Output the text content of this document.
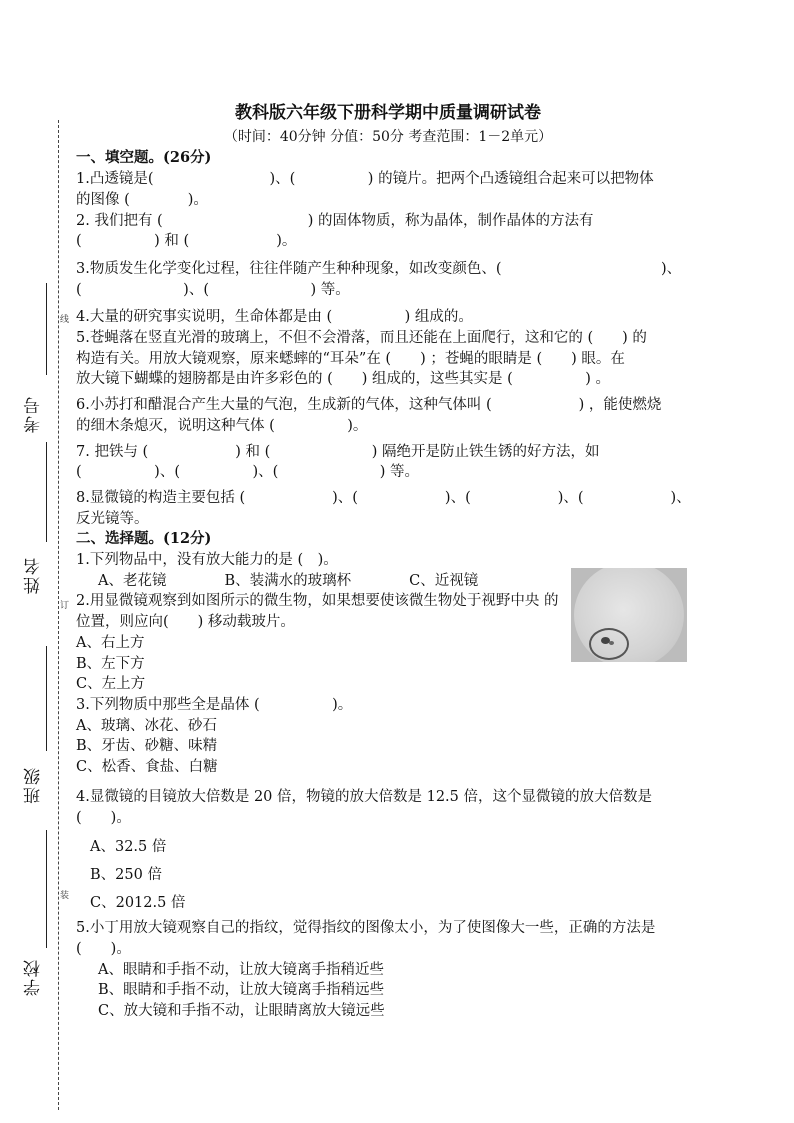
考号
姓名
班级
学校
线
订
装
教科版六年级下册科学期中质量调研试卷
（时间：40分钟 分值：50分 考查范围：1－2单元）
一、填空题。(26分)
1.凸透镜是(　　　　　　　　)、(　　　　　) 的镜片。把两个凸透镜组合起来可以把物体
的图像 (　　　　)。
2. 我们把有 (　　　　　　　　　　) 的固体物质，称为晶体，制作晶体的方法有
(　　　　　) 和 (　　　　　　)。
3.物质发生化学变化过程，往往伴随产生种种现象，如改变颜色、(　　　　　　　　　　　)、
(　　　　　　　)、(　　　　　　　) 等。
4.大量的研究事实说明，生命体都是由 (　　　　　) 组成的。
5.苍蝇落在竖直光滑的玻璃上，不但不会滑落，而且还能在上面爬行，这和它的 (　　) 的
构造有关。用放大镜观察，原来蟋蟀的“耳朵”在 (　　) ；苍蝇的眼睛是 (　　) 眼。在
放大镜下蝴蝶的翅膀都是由许多彩色的 (　　) 组成的，这些其实是 (　　　　　) 。
6.小苏打和醋混合产生大量的气泡，生成新的气体，这种气体叫 (　　　　　　) ，能使燃烧
的细木条熄灭，说明这种气体 (　　　　　)。
7. 把铁与 (　　　　　　) 和 (　　　　　　　) 隔绝开是防止铁生锈的好方法，如
(　　　　　)、(　　　　　)、(　　　　　　　) 等。
8.显微镜的构造主要包括 (　　　　　　)、(　　　　　　)、(　　　　　　)、(　　　　　　)、
反光镜等。
二、选择题。(12分)
1.下列物品中，没有放大能力的是 (　)。
A、老花镜　　　　B、装满水的玻璃杯　　　　C、近视镜
2.用显微镜观察到如图所示的微生物，如果想要使该微生物处于视野中央 的位置，则应向(　　) 移动载玻片。
A、右上方
B、左下方
C、左上方
3.下列物质中那些全是晶体 (　　　　　)。
A、玻璃、冰花、砂石
B、牙齿、砂糖、味精
C、松香、食盐、白糖
4.显微镜的目镜放大倍数是 20 倍，物镜的放大倍数是 12.5 倍，这个显微镜的放大倍数是(　　)。
A、32.5 倍
B、250 倍
C、2012.5 倍
5.小丁用放大镜观察自己的指纹，觉得指纹的图像太小，为了使图像大一些，正确的方法是(　　)。
A、眼睛和手指不动，让放大镜离手指稍近些
B、眼睛和手指不动，让放大镜离手指稍远些
C、放大镜和手指不动，让眼睛离放大镜远些
